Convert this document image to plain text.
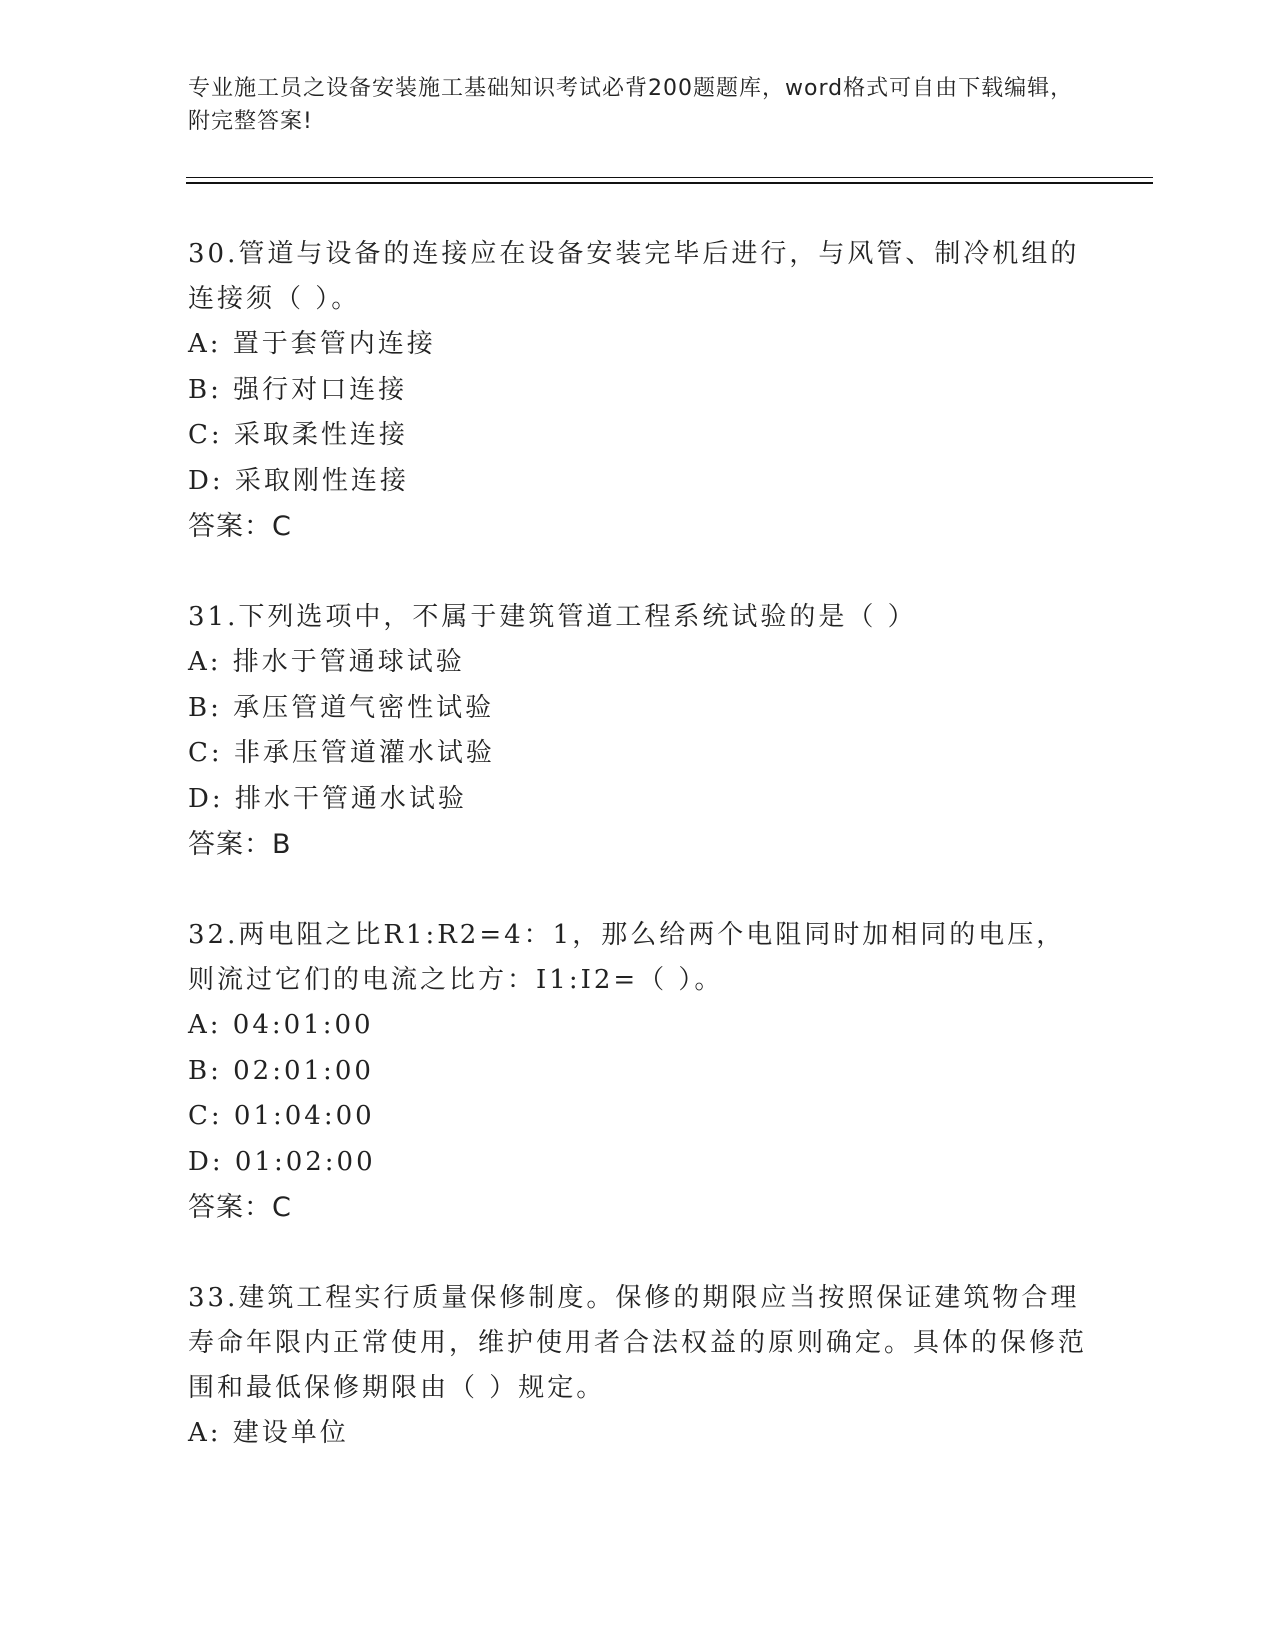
专业施工员之设备安装施工基础知识考试必背200题题库，word格式可自由下载编辑，附完整答案!
30.管道与设备的连接应在设备安装完毕后进行，与风管、制冷机组的连接须（ ）。
A: 置于套管内连接
B: 强行对口连接
C: 采取柔性连接
D: 采取刚性连接
答案：C
31.下列选项中，不属于建筑管道工程系统试验的是（ ）
A: 排水于管通球试验
B: 承压管道气密性试验
C: 非承压管道灌水试验
D: 排水干管通水试验
答案：B
32.两电阻之比R1:R2=4：1，那么给两个电阻同时加相同的电压，则流过它们的电流之比方：I1:I2=（ ）。
A: 04:01:00
B: 02:01:00
C: 01:04:00
D: 01:02:00
答案：C
33.建筑工程实行质量保修制度。保修的期限应当按照保证建筑物合理寿命年限内正常使用，维护使用者合法权益的原则确定。具体的保修范围和最低保修期限由（ ）规定。
A: 建设单位
